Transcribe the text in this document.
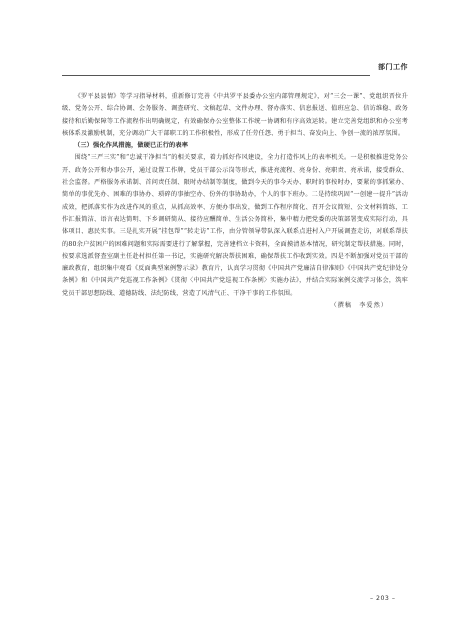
部门工作

《罗平县县情》等学习指导材料，重新修订完善《中共罗平县委办公室内部管理规定》，对“三会一课”、党组织晋位升级、党务公开、综合协调、会务服务、调查研究、文稿起草、文件办理、督办落实、信息报送、值班应急、信访维稳、政务接待和后勤保障等工作流程作出明确规定，有效确保办公室整体工作统一协调和有序高效运转。建立完善党组织和办公室考核体系及激励机制，充分调动广大干部职工的工作积极性，形成了任劳任怨、勇于担当、奋发向上、争创一流的浓厚氛围。

（三）强化作风措施，做硬已正行的表率

围绕“三严三实”和“忠诚干净担当”的相关要求，着力抓好作风建设，全力打造作风上的表率机关。一是积极推进党务公开、政务公开和办事公开，通过设置工作牌，党员干部公示岗等形式，推进亮流程、亮身份、亮职责、亮承诺，接受群众、社会监督。严格服务承诺制、首问责任制、限时办结制等制度，做到今天的事今天办、职时的事按时办，要紧的事抓紧办、简单的事优先办、困难的事协办、琐碎的事抽空办、份外的事协助办，个人的事下班办。二是持续巩固“一创建一提升”活动成效，把抓落实作为改进作风的重点，从抓高效率、方便办事出发，做到工作程序简化、召开会议简短、公文材料简练、工作汇报简洁、语言表达简明、下乡调研简从、接待应酬简单、生活公务简朴，集中精力把党委的决策部署变成实际行动，具体项目、惠民实事。三是扎实开展“挂包帮”“转走访”工作，由分管领导带队深入联系点进村入户开展调查走访，对联系帮扶的80余户贫困户的困难问题和实际需要进行了解掌握，完善建档立卡资料，全面摸清基本情况，研究制定帮扶措施。同时，按要求选派督查室副主任赴村担任第一书记，实施研究解决帮扶困难，确保帮扶工作收到实效。四是不断加强对党员干部的廉政教育，组织集中观看《反面典型案例警示录》教育片，认真学习贯彻《中国共产党廉洁自律准则》《中国共产党纪律处分条例》和《中国共产党巡视工作条例》《贯彻〈中国共产党巡视工作条例〉实施办法》，并结合实际案例交流学习体会，筑牢党员干部思想防线、道德防线、法纪防线，营造了风清气正、干净干事的工作氛围。

（撰稿　李爱然）

– 203 –
